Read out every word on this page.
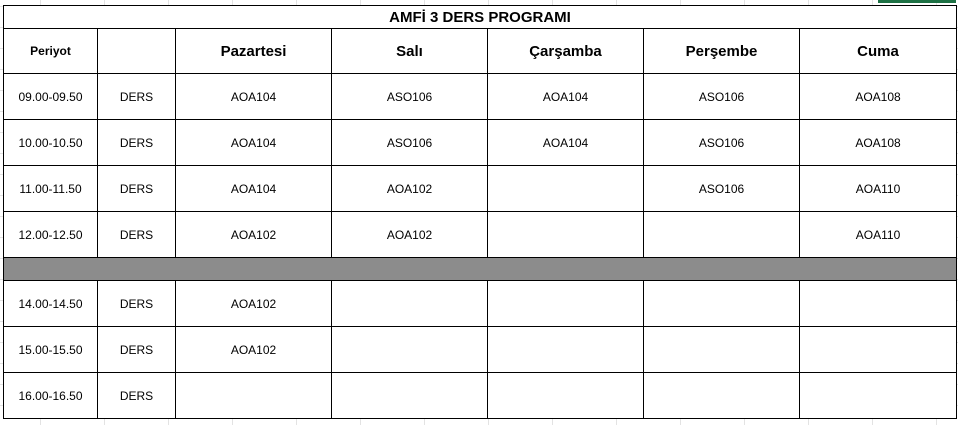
AMFİ 3 DERS PROGRAMI						
Periyot		Pazartesi	Salı	Çarşamba	Perşembe	Cuma
09.00-09.50	DERS	AOA104	ASO106	AOA104	ASO106	AOA108
10.00-10.50	DERS	AOA104	ASO106	AOA104	ASO106	AOA108
11.00-11.50	DERS	AOA104	AOA102		ASO106	AOA110
12.00-12.50	DERS	AOA102	AOA102			AOA110

14.00-14.50	DERS	AOA102				
15.00-15.50	DERS	AOA102				
16.00-16.50	DERS					
